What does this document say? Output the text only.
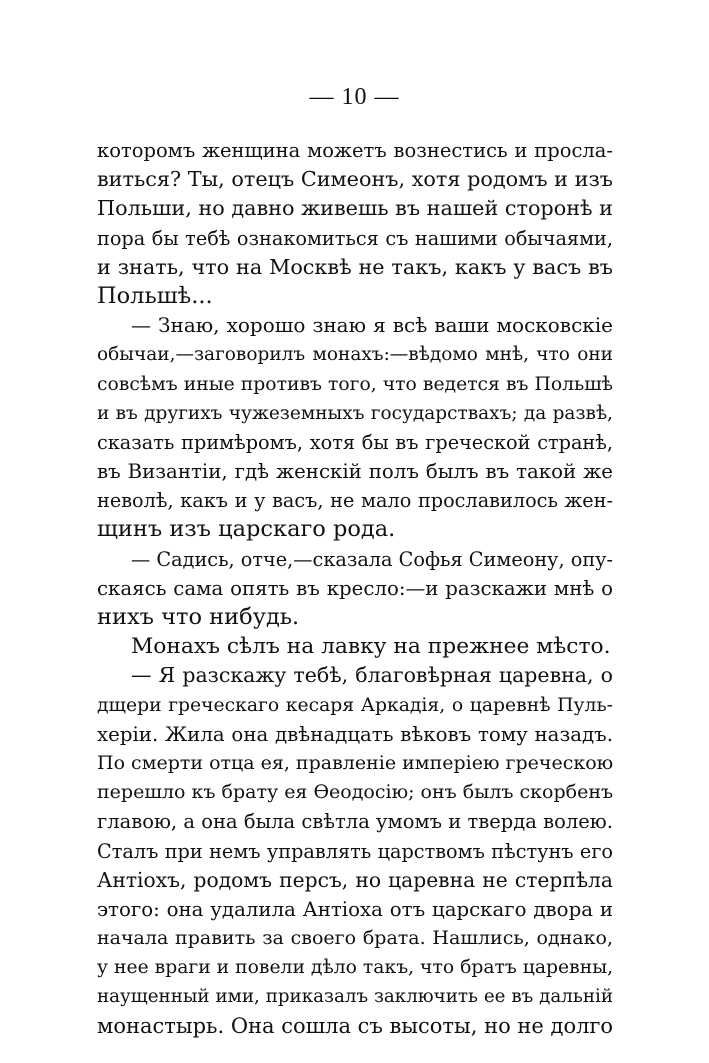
— 10 —
которомъ женщина можетъ вознестись и просла-
виться? Ты, отецъ Симеонъ, хотя родомъ и изъ
Польши, но давно живешь въ нашей сторонѣ и
пора бы тебѣ ознакомиться съ нашими обычаями,
и знать, что на Москвѣ не такъ, какъ у васъ въ
Польшѣ...
— Знаю, хорошо знаю я всѣ ваши московскіе
обычаи,—заговорилъ монахъ:—вѣдомо мнѣ, что они
совсѣмъ иные противъ того, что ведется въ Польшѣ
и въ другихъ чужеземныхъ государствахъ; да развѣ,
сказать примѣромъ, хотя бы въ греческой странѣ,
въ Византіи, гдѣ женскій полъ былъ въ такой же
неволѣ, какъ и у васъ, не мало прославилось жен-
щинъ изъ царскаго рода.
— Садись, отче,—сказала Софья Симеону, опу-
скаясь сама опять въ кресло:—и разскажи мнѣ о
нихъ что нибудь.
Монахъ сѣлъ на лавку на прежнее мѣсто.
— Я разскажу тебѣ, благовѣрная царевна, о
дщери греческаго кесаря Аркадія, о царевнѣ Пуль-
херіи. Жила она двѣнадцать вѣковъ тому назадъ.
По смерти отца ея, правленіе имперіею греческою
перешло къ брату ея Ѳеодосію; онъ былъ скорбенъ
главою, а она была свѣтла умомъ и тверда волею.
Сталъ при немъ управлять царствомъ пѣстунъ его
Антіохъ, родомъ персъ, но царевна не стерпѣла
этого: она удалила Антіоха отъ царскаго двора и
начала править за своего брата. Нашлись, однако,
у нее враги и повели дѣло такъ, что братъ царевны,
наущенный ими, приказалъ заключить ее въ дальній
монастырь. Она сошла съ высоты, но не долго
